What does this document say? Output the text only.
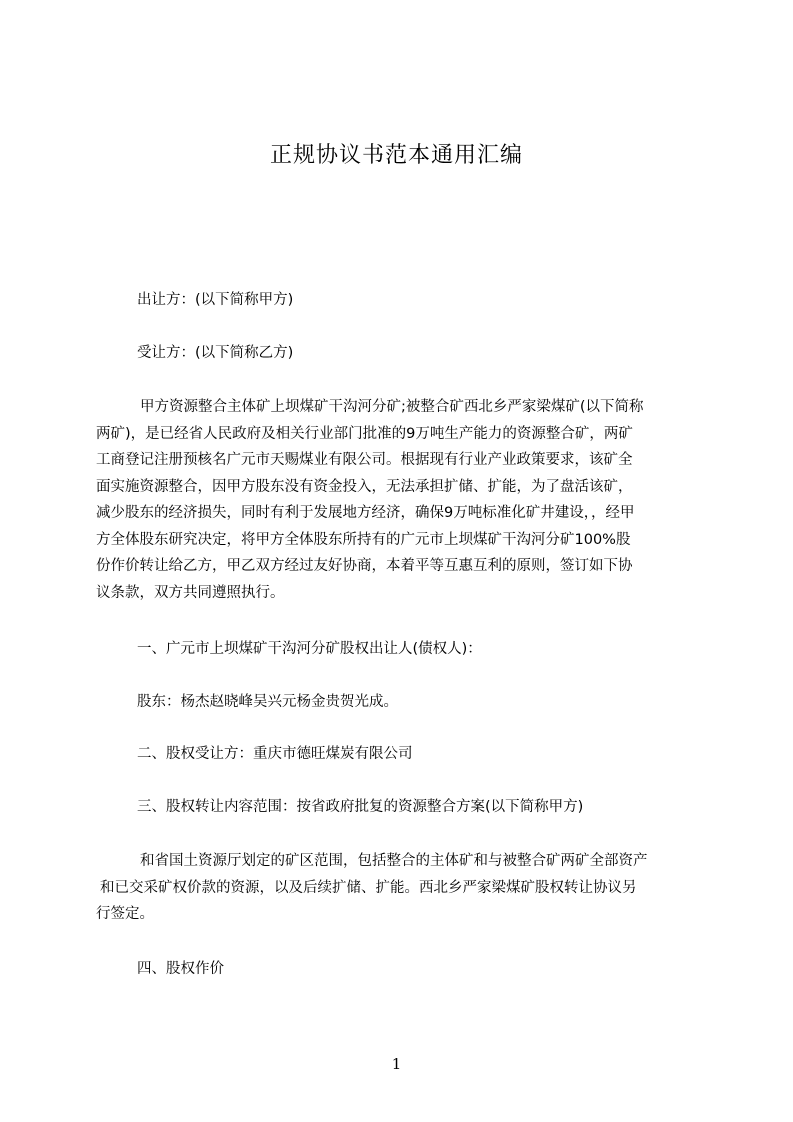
正规协议书范本通用汇编

出让方：(以下简称甲方)

受让方：(以下简称乙方)

甲方资源整合主体矿上坝煤矿干沟河分矿;被整合矿西北乡严家梁煤矿(以下简称
两矿)，是已经省人民政府及相关行业部门批准的9万吨生产能力的资源整合矿，两矿
工商登记注册预核名广元市天赐煤业有限公司。根据现有行业产业政策要求，该矿全
面实施资源整合，因甲方股东没有资金投入，无法承担扩储、扩能，为了盘活该矿，
减少股东的经济损失，同时有利于发展地方经济，确保9万吨标准化矿井建设，，经甲
方全体股东研究决定，将甲方全体股东所持有的广元市上坝煤矿干沟河分矿100%股
份作价转让给乙方，甲乙双方经过友好协商，本着平等互惠互利的原则，签订如下协
议条款，双方共同遵照执行。

一、广元市上坝煤矿干沟河分矿股权出让人(债权人)：

股东：杨杰赵晓峰吴兴元杨金贵贺光成。

二、股权受让方：重庆市德旺煤炭有限公司

三、股权转让内容范围：按省政府批复的资源整合方案(以下简称甲方)

和省国土资源厅划定的矿区范围，包括整合的主体矿和与被整合矿两矿全部资产
和已交采矿权价款的资源，以及后续扩储、扩能。西北乡严家梁煤矿股权转让协议另
行签定。

四、股权作价

1
